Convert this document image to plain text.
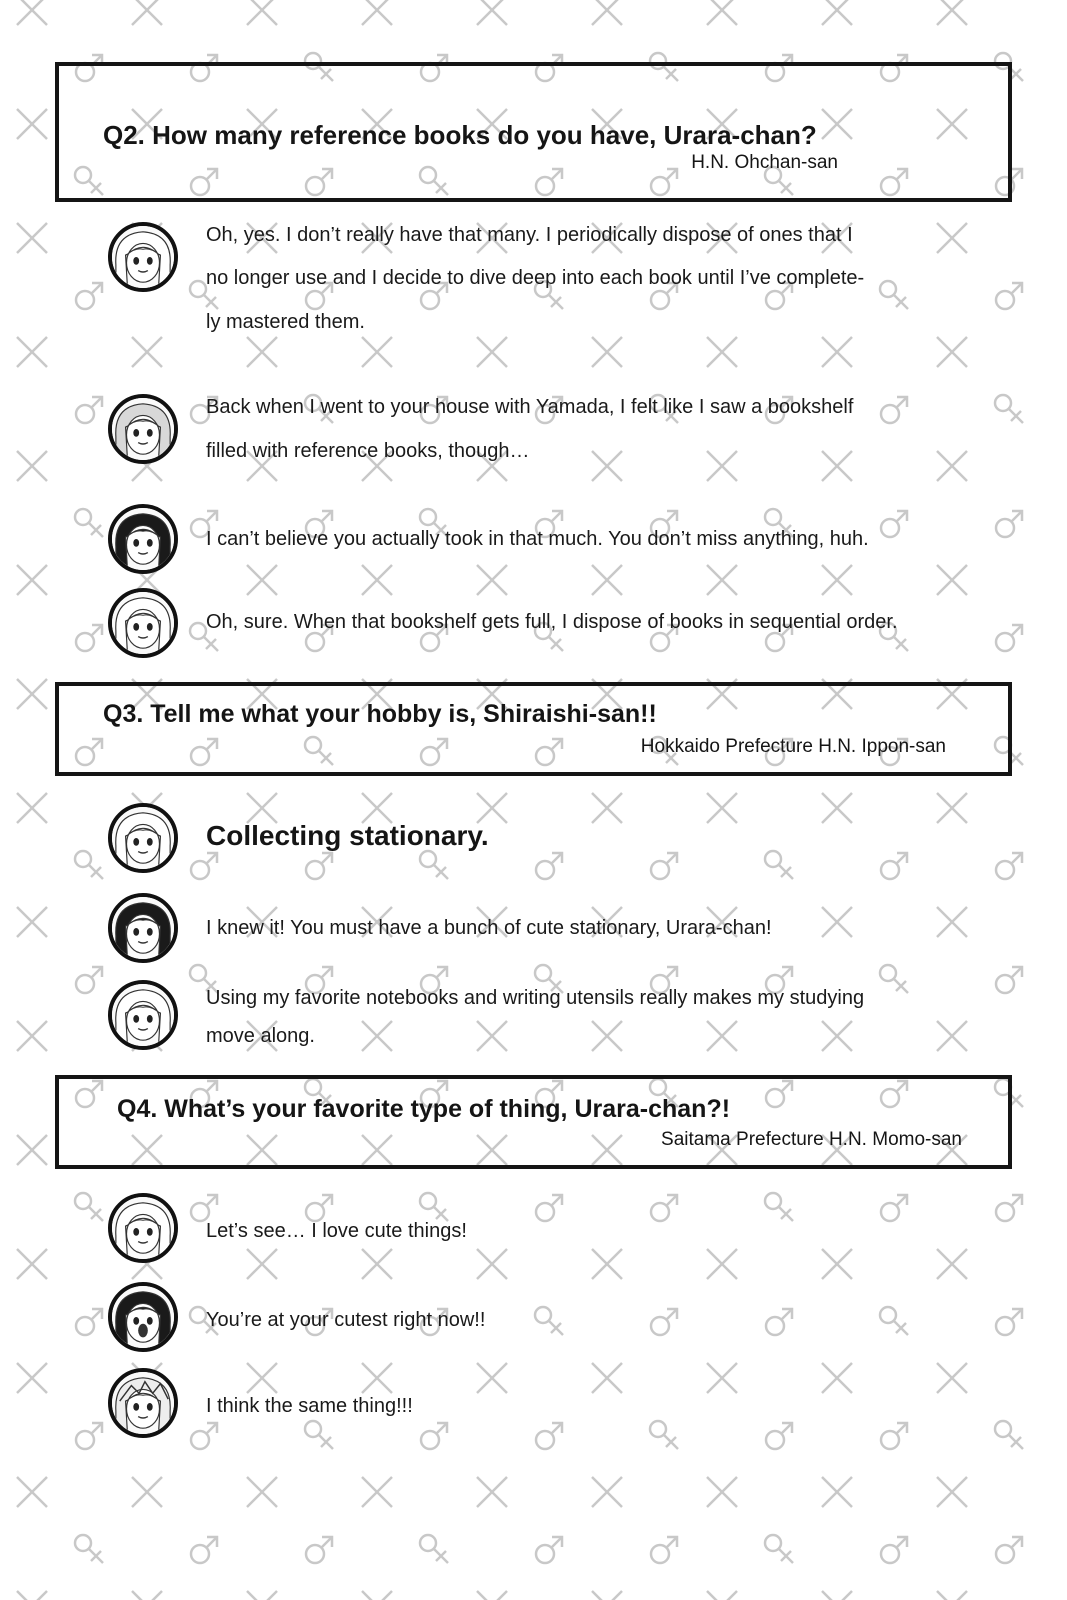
Q2. How many reference books do you have, Urara-chan?
H.N. Ohchan-san
Oh, yes. I don’t really have that many. I periodically dispose of ones that I
no longer use and I decide to dive deep into each book until I’ve complete-
ly mastered them.
Back when I went to your house with Yamada, I felt like I saw a bookshelf
filled with reference books, though…
I can’t believe you actually took in that much. You don’t miss anything, huh.
Oh, sure. When that bookshelf gets full, I dispose of books in sequential order.
Q3. Tell me what your hobby is, Shiraishi-san!!
Hokkaido Prefecture H.N. Ippon-san
Collecting stationary.
I knew it! You must have a bunch of cute stationary, Urara-chan!
Using my favorite notebooks and writing utensils really makes my studying
move along.
Q4. What’s your favorite type of thing, Urara-chan?!
Saitama Prefecture H.N. Momo-san
Let’s see… I love cute things!
You’re at your cutest right now!!
I think the same thing!!!
